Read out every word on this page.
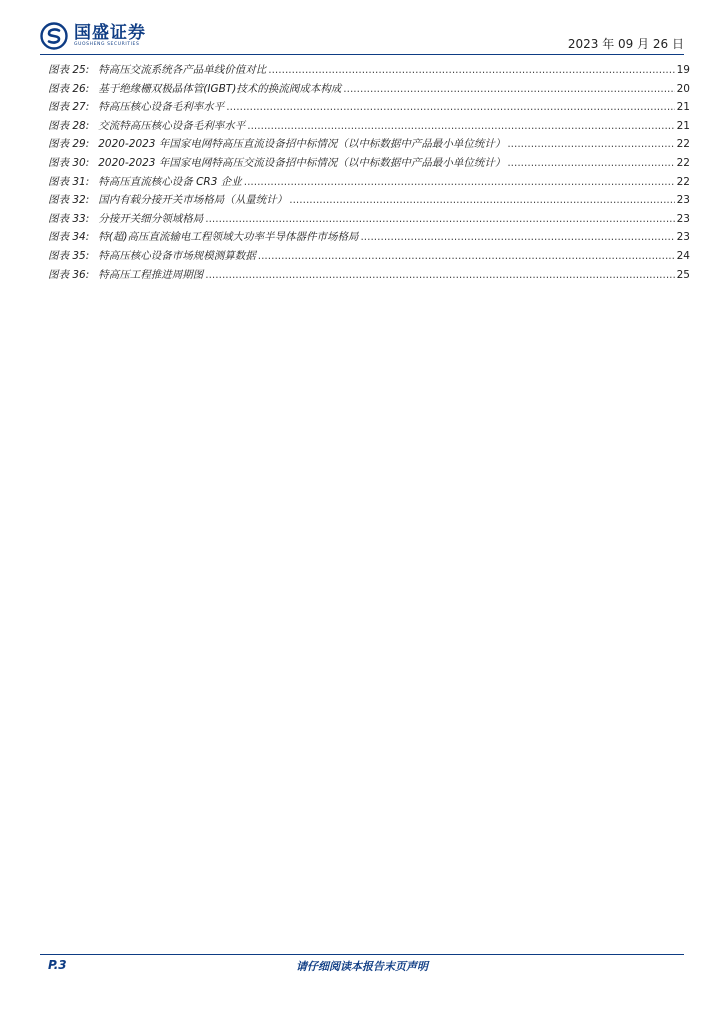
国盛证券
GUOSHENG SECURITIES	2023 年 09 月 26 日
图表 25: 特高压交流系统各产品单线价值对比 .....	19
图表 26: 基于绝缘栅双极晶体管(IGBT)技术的换流阀成本构成 .....	20
图表 27: 特高压核心设备毛利率水平 .....	21
图表 28: 交流特高压核心设备毛利率水平 .....	21
图表 29: 2020-2023 年国家电网特高压直流设备招中标情况（以中标数据中产品最小单位统计） .....	22
图表 30: 2020-2023 年国家电网特高压交流设备招中标情况（以中标数据中产品最小单位统计） .....	22
图表 31: 特高压直流核心设备 CR3 企业 .....	22
图表 32: 国内有载分接开关市场格局（从量统计） .....	23
图表 33: 分接开关细分领域格局 .....	23
图表 34: 特(超)高压直流输电工程领域大功率半导体器件市场格局 .....	23
图表 35: 特高压核心设备市场规模测算数据 .....	24
图表 36: 特高压工程推进周期图 .....	25
请仔细阅读本报告末页声明
P.3
